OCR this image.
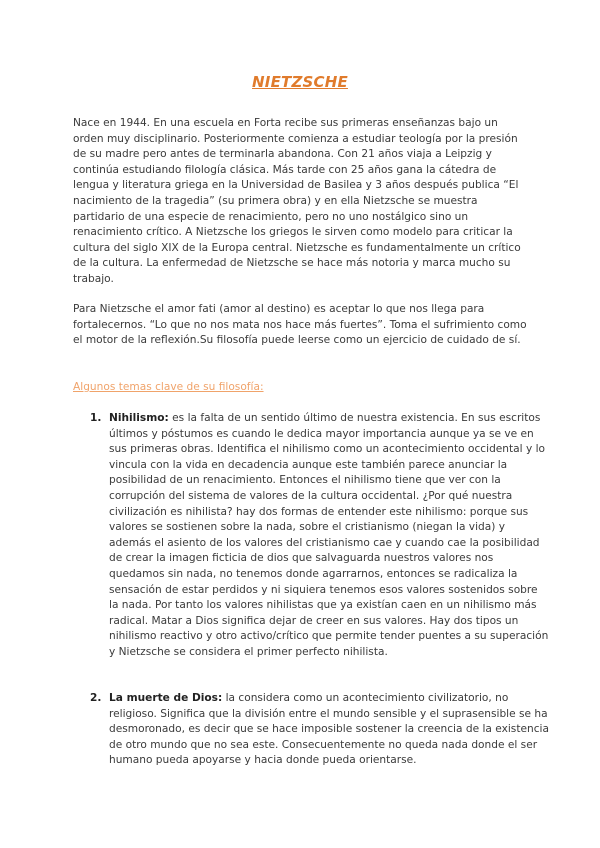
NIETZSCHE

Nace en 1944. En una escuela en Forta recibe sus primeras enseñanzas bajo un orden muy disciplinario. Posteriormente comienza a estudiar teología por la presión de su madre pero antes de terminarla abandona. Con 21 años viaja a Leipzig y continúa estudiando filología clásica. Más tarde con 25 años gana la cátedra de lengua y literatura griega en la Universidad de Basilea y 3 años después publica “El nacimiento de la tragedia” (su primera obra) y en ella Nietzsche se muestra partidario de una especie de renacimiento, pero no uno nostálgico sino un renacimiento crítico. A Nietzsche los griegos le sirven como modelo para criticar la cultura del siglo XIX de la Europa central. Nietzsche es fundamentalmente un crítico de la cultura. La enfermedad de Nietzsche se hace más notoria y marca mucho su trabajo.

Para Nietzsche el amor fati (amor al destino) es aceptar lo que nos llega para fortalecernos. “Lo que no nos mata nos hace más fuertes”. Toma el sufrimiento como el motor de la reflexión.Su filosofía puede leerse como un ejercicio de cuidado de sí.

Algunos temas clave de su filosofía:
1. Nihilismo: es la falta de un sentido último de nuestra existencia. En sus escritos últimos y póstumos es cuando le dedica mayor importancia aunque ya se ve en sus primeras obras. Identifica el nihilismo como un acontecimiento occidental y lo vincula con la vida en decadencia aunque este también parece anunciar la posibilidad de un renacimiento. Entonces el nihilismo tiene que ver con la corrupción del sistema de valores de la cultura occidental. ¿Por qué nuestra civilización es nihilista? hay dos formas de entender este nihilismo: porque sus valores se sostienen sobre la nada, sobre el cristianismo (niegan la vida) y además el asiento de los valores del cristianismo cae y cuando cae la posibilidad de crear la imagen ficticia de dios que salvaguarda nuestros valores nos quedamos sin nada, no tenemos donde agarrarnos, entonces se radicaliza la sensación de estar perdidos y ni siquiera tenemos esos valores sostenidos sobre la nada. Por tanto los valores nihilistas que ya existían caen en un nihilismo más radical. Matar a Dios significa dejar de creer en sus valores. Hay dos tipos un nihilismo reactivo y otro activo/crítico que permite tender puentes a su superación y Nietzsche se considera el primer perfecto nihilista.
2. La muerte de Dios: la considera como un acontecimiento civilizatorio, no religioso. Significa que la división entre el mundo sensible y el suprasensible se ha desmoronado, es decir que se hace imposible sostener la creencia de la existencia de otro mundo que no sea este. Consecuentemente no queda nada donde el ser humano pueda apoyarse y hacia donde pueda orientarse.
